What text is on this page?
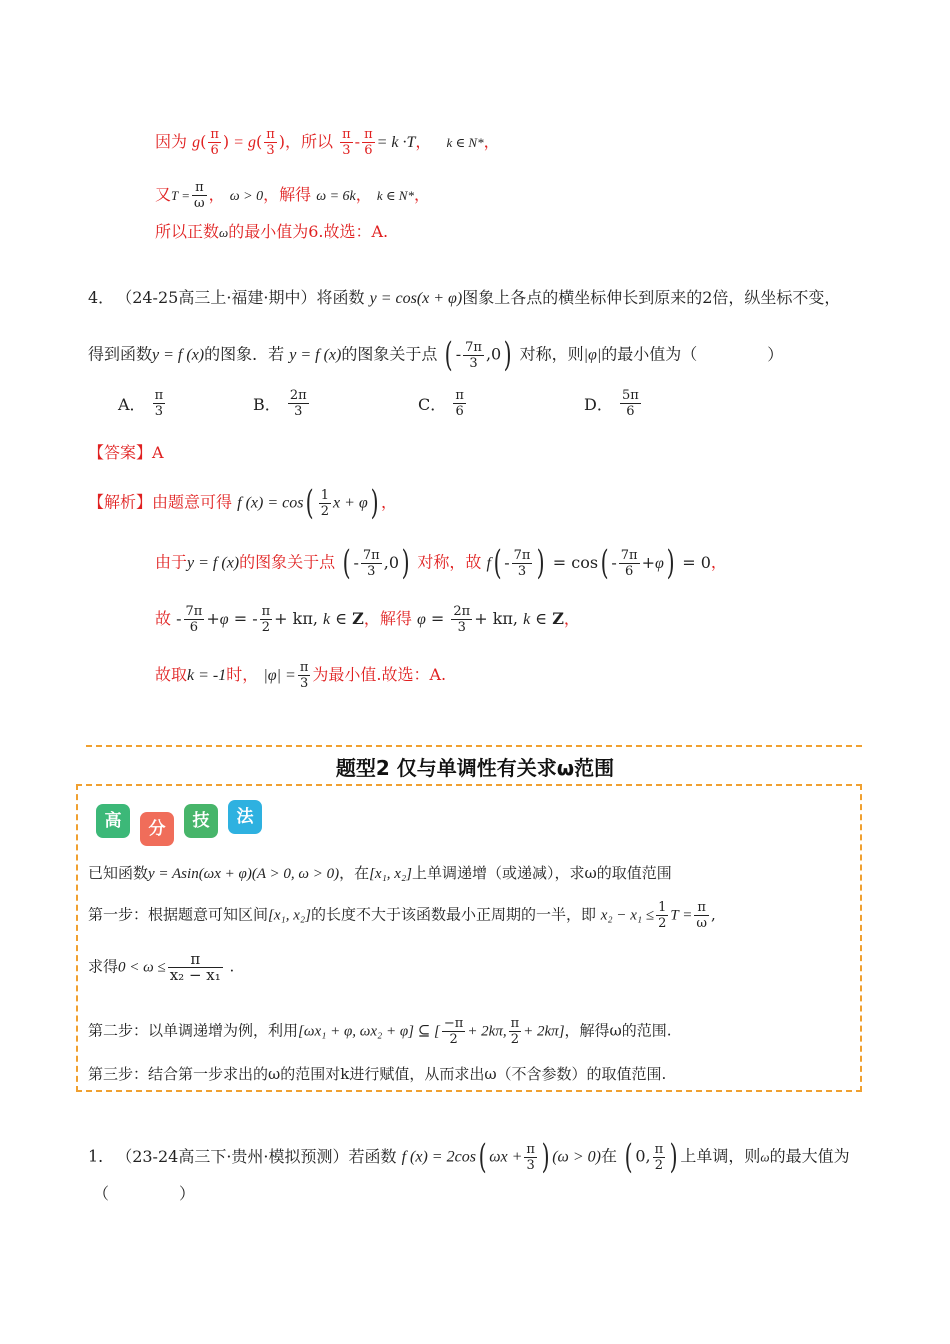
因为 $g( \frac{\pi}{6}$ ) = $g( \frac{\pi}{3}$ )，所以 $\frac{\pi}{3} - \frac{\pi}{6} = k \cdot T$， k ∈ N*，
又$T = \frac{\pi}{\omega}$ ， ω > 0，解得 ω = 6k， k ∈ N*，
所以正数ω的最小值为6.故选：A.
4． （24-25高三上·福建·期中）将函数 y = cos(x + φ)图象上各点的横坐标伸长到原来的2倍，纵坐标不变，
得到函数y = f (x)的图象．若 y = f (x)的图象关于点 ( - $\frac{7\pi}{3} ,0$) 对称，则|φ|的最小值为（	）
A． $\frac{\pi}{3}$	B． $\frac{2\pi}{3}$	C． $\frac{\pi}{6}$	D． $\frac{5\pi}{6}$
【答案】A
【解析】由题意可得 f $(x) = \cos( \frac{1}{2}$ x + φ) ，
由于y = f (x)的图象关于点 ( - $\frac{7\pi}{3} ,0$) 对称，故 $f( - \frac{7\pi}{3}$ ) = $\cos( - \frac{7\pi}{6} +\varphi) = 0$，
故 - $\frac{7\pi}{6} +\varphi$ = - $\frac{\pi}{2} + k\pi$, k ∈ Z，解得 $\varphi = \frac{2\pi}{3} + k\pi$, k ∈ Z，
故取k = -1时， $|\varphi| = \frac{\pi}{3}$ 为最小值.故选：A.
题型2 仅与单调性有关求ω范围
高	分	技	法
已知函数y = Asin(ωx + φ)(A > 0, ω > 0)，在[x₁, x₂]上单调递增（或递减），求ω的取值范围
第一步：根据题意可知区间[x₁, x₂]的长度不大于该函数最小正周期的一半，即 $x_2 - x_1 \le \frac{1}{2}$ $T = \frac{\pi}{\omega}$ ,
求得$0 < \omega \le \frac{\pi}{\text{x₂ − x₁}}$ .
第二步：以单调递增为例，利用[ωx₁ + φ, ωx₂ + φ] ⊆ [ $\frac{-\pi}{2} + 2k\pi$, $\frac{\pi}{2} + 2k\pi$]，解得ω的范围.
第三步：结合第一步求出的ω的范围对k进行赋值，从而求出ω（不含参数）的取值范围.
1． （23-24高三下·贵州·模拟预测）若函数 f (x) = 2cos( $\omega x + \frac{\pi}{3}$ ) (ω > 0)在 ( 0, $\frac{\pi}{2}$ ) 上单调，则ω的最大值为
（	）
